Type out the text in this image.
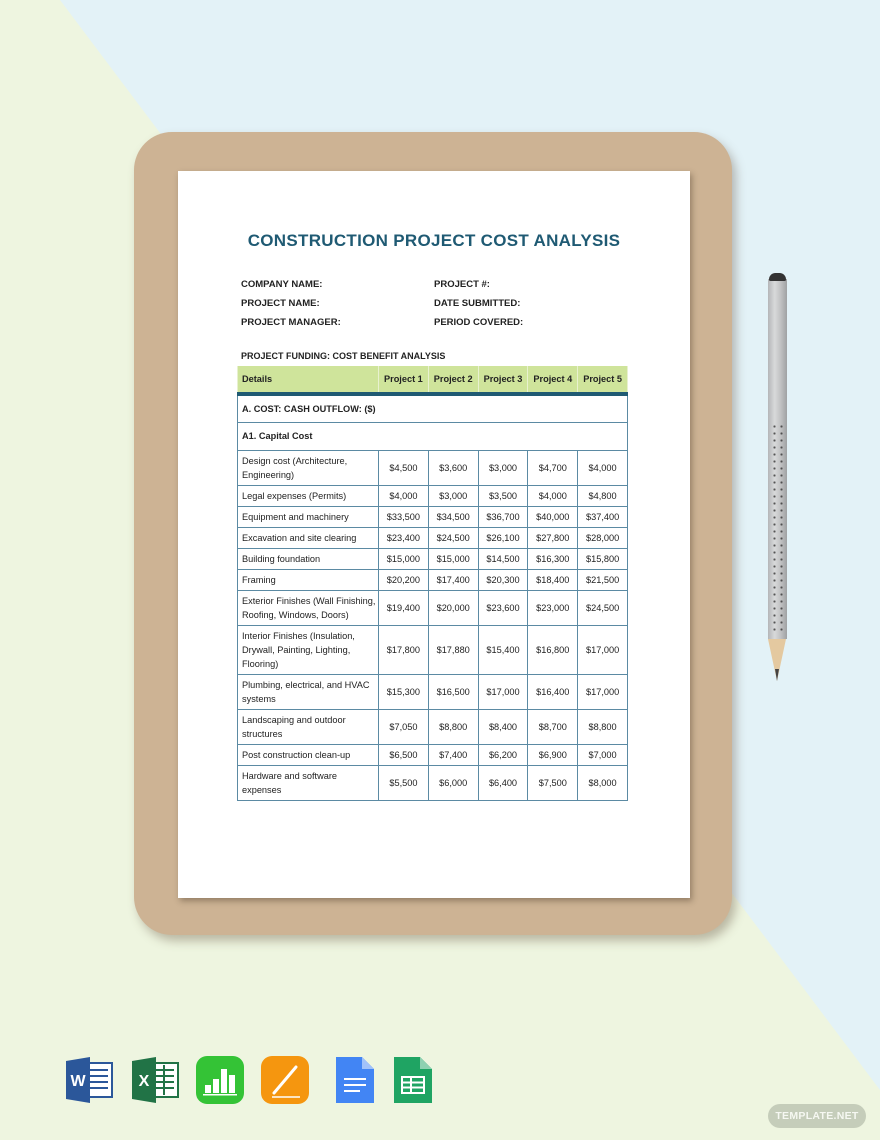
CONSTRUCTION PROJECT COST ANALYSIS
COMPANY NAME:
PROJECT NAME:
PROJECT MANAGER:
PROJECT #:
DATE SUBMITTED:
PERIOD COVERED:
PROJECT FUNDING: COST BENEFIT ANALYSIS
Details	Project 1	Project 2	Project 3	Project 4	Project 5
A. COST: CASH OUTFLOW: ($)					
A1. Capital Cost					
Design cost (Architecture, Engineering)	$4,500	$3,600	$3,000	$4,700	$4,000
Legal expenses (Permits)	$4,000	$3,000	$3,500	$4,000	$4,800
Equipment and machinery	$33,500	$34,500	$36,700	$40,000	$37,400
Excavation and site clearing	$23,400	$24,500	$26,100	$27,800	$28,000
Building foundation	$15,000	$15,000	$14,500	$16,300	$15,800
Framing	$20,200	$17,400	$20,300	$18,400	$21,500
Exterior Finishes (Wall Finishing, Roofing, Windows, Doors)	$19,400	$20,000	$23,600	$23,000	$24,500
Interior Finishes (Insulation, Drywall, Painting, Lighting, Flooring)	$17,800	$17,880	$15,400	$16,800	$17,000
Plumbing, electrical, and HVAC systems	$15,300	$16,500	$17,000	$16,400	$17,000
Landscaping and outdoor structures	$7,050	$8,800	$8,400	$8,700	$8,800
Post construction clean-up	$6,500	$7,400	$6,200	$6,900	$7,000
Hardware and software expenses	$5,500	$6,000	$6,400	$7,500	$8,000
W	X
TEMPLATE.NET
